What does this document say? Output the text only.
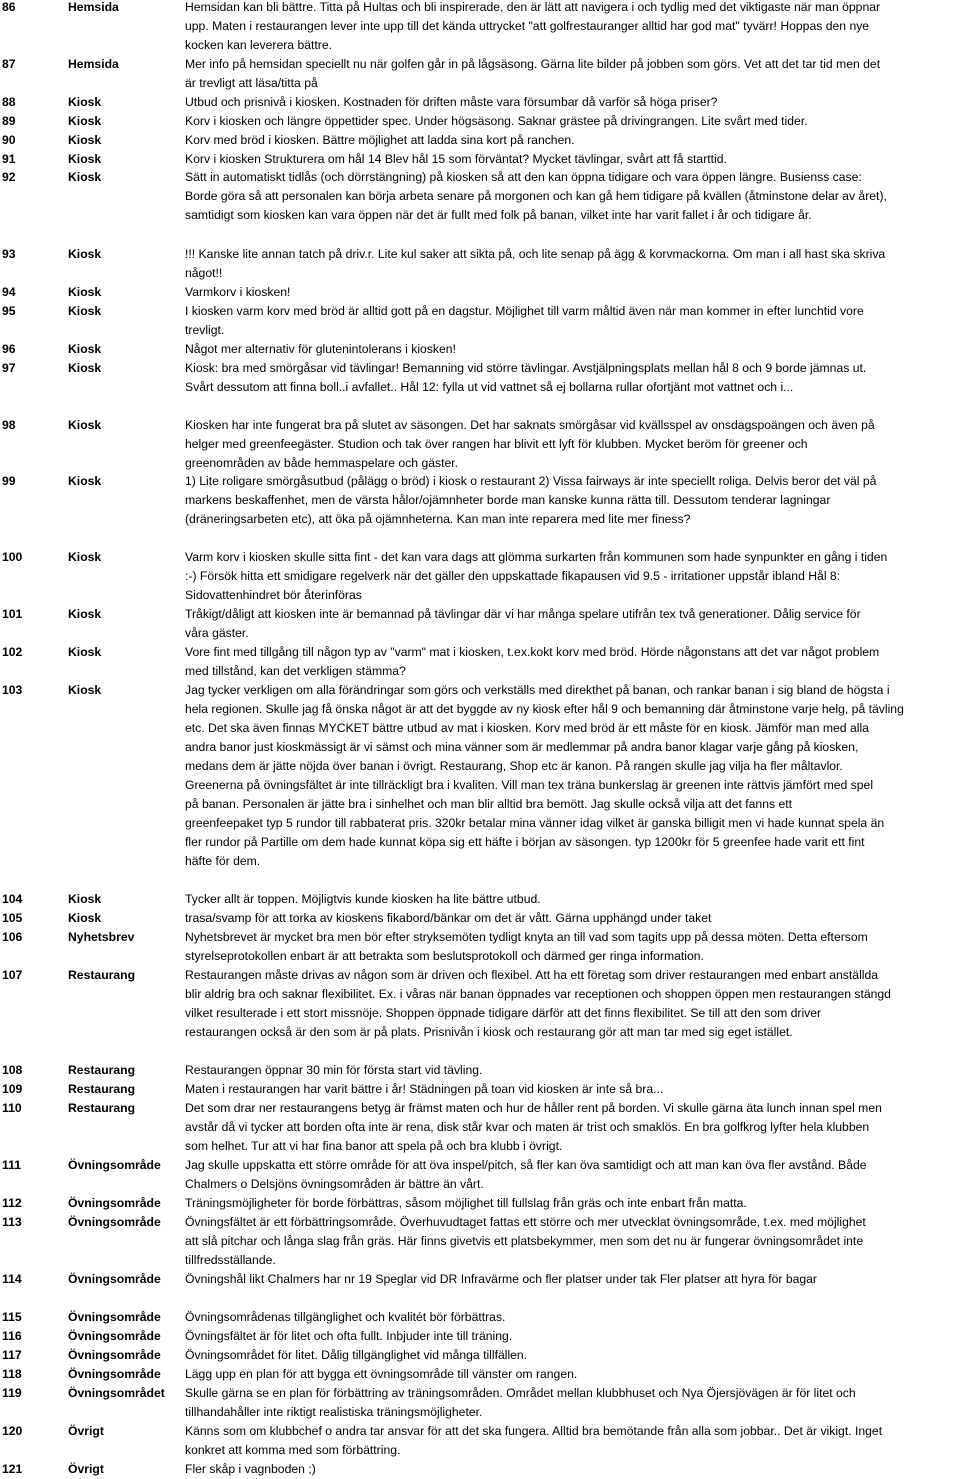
86	Hemsida	Hemsidan kan bli bättre. Titta på Hultas och bli inspirerade, den är lätt att navigera i och tydlig med det viktigaste när man öppnar
upp. Maten i restaurangen lever inte upp till det kända uttrycket "att golfrestauranger alltid har god mat" tyvärr! Hoppas den nye
kocken kan leverera bättre.
87	Hemsida	Mer info på hemsidan speciellt nu när golfen går in på lågsäsong. Gärna lite bilder på jobben som görs. Vet att det tar tid men det
är trevligt att läsa/titta på
88	Kiosk	Utbud och prisnivå i kiosken. Kostnaden för driften måste vara försumbar då varför så höga priser?
89	Kiosk	Korv i kiosken och längre öppettider spec. Under högsäsong. Saknar grästee på drivingrangen. Lite svårt med tider.
90	Kiosk	Korv med bröd i kiosken. Bättre möjlighet att ladda sina kort på ranchen.
91	Kiosk	Korv i kiosken Strukturera om hål 14 Blev hål 15 som förväntat? Mycket tävlingar, svårt att få starttid.
92	Kiosk	Sätt in automatiskt tidlås (och dörrstängning) på kiosken så att den kan öppna tidigare och vara öppen längre. Busienss case:
Borde göra så att personalen kan börja arbeta senare på morgonen och kan gå hem tidigare på kvällen (åtminstone delar av året),
samtidigt som kiosken kan vara öppen när det är fullt med folk på banan, vilket inte har varit fallet i år och tidigare år.
93	Kiosk	!!! Kanske lite annan tatch på driv.r. Lite kul saker att sikta på, och lite senap på ägg & korvmackorna. Om man i all hast ska skriva
något!!
94	Kiosk	Varmkorv i kiosken!
95	Kiosk	I kiosken varm korv med bröd är alltid gott på en dagstur. Möjlighet till varm måltid även när man kommer in efter lunchtid vore
trevligt.
96	Kiosk	Något mer alternativ för glutenintolerans i kiosken!
97	Kiosk	Kiosk: bra med smörgåsar vid tävlingar! Bemanning vid större tävlingar. Avstjälpningsplats mellan hål 8 och 9 borde jämnas ut.
Svårt dessutom att finna boll..i avfallet.. Hål 12: fylla ut vid vattnet så ej bollarna rullar ofortjänt mot vattnet och i...
98	Kiosk	Kiosken har inte fungerat bra på slutet av säsongen. Det har saknats smörgåsar vid kvällsspel av onsdagspoängen och även på
helger med greenfeegäster. Studion och tak över rangen har blivit ett lyft för klubben. Mycket beröm för greener och
greenområden av både hemmaspelare och gäster.
99	Kiosk	1) Lite roligare smörgåsutbud (pålägg o bröd) i kiosk o restaurant 2) Vissa fairways är inte speciellt roliga. Delvis beror det väl på
markens beskaffenhet, men de värsta hålor/ojämnheter borde man kanske kunna rätta till. Dessutom tenderar lagningar
(dräneringsarbeten etc), att öka på ojämnheterna. Kan man inte reparera med lite mer finess?
100	Kiosk	Varm korv i kiosken skulle sitta fint - det kan vara dags att glömma surkarten från kommunen som hade synpunkter en gång i tiden
:-) Försök hitta ett smidigare regelverk när det gäller den uppskattade fikapausen vid 9.5 - irritationer uppstår ibland Hål 8:
Sidovattenhindret bör återinföras
101	Kiosk	Tråkigt/dåligt att kiosken inte är bemannad på tävlingar där vi har många spelare utifrån tex två generationer. Dålig service för
våra gäster.
102	Kiosk	Vore fint med tillgång till någon typ av "varm" mat i kiosken, t.ex.kokt korv med bröd. Hörde någonstans att det var något problem
med tillstånd, kan det verkligen stämma?
103	Kiosk	Jag tycker verkligen om alla förändringar som görs och verkställs med direkthet på banan, och rankar banan i sig bland de högsta i
hela regionen. Skulle jag få önska något är att det byggde av ny kiosk efter hål 9 och bemanning där åtminstone varje helg, på tävling
etc. Det ska även finnas MYCKET bättre utbud av mat i kiosken. Korv med bröd är ett måste för en kiosk. Jämför man med alla
andra banor just kioskmässigt är vi sämst och mina vänner som är medlemmar på andra banor klagar varje gång på kiosken,
medans dem är jätte nöjda över banan i övrigt. Restaurang, Shop etc är kanon. På rangen skulle jag vilja ha fler måltavlor.
Greenerna på övningsfältet är inte tillräckligt bra i kvaliten. Vill man tex träna bunkerslag är greenen inte rättvis jämfört med spel
på banan. Personalen är jätte bra i sinhelhet och man blir alltid bra bemött. Jag skulle också vilja att det fanns ett
greenfeepaket typ 5 rundor till rabbaterat pris. 320kr betalar mina vänner idag vilket är ganska billigit men vi hade kunnat spela än
fler rundor på Partille om dem hade kunnat köpa sig ett häfte i början av säsongen. typ 1200kr för 5 greenfee hade varit ett fint
häfte för dem.
104	Kiosk	Tycker allt är toppen. Möjligtvis kunde kiosken ha lite bättre utbud.
105	Kiosk	trasa/svamp för att torka av kioskens fikabord/bänkar om det är vått. Gärna upphängd under taket
106	Nyhetsbrev	Nyhetsbrevet är mycket bra men bör efter stryksemöten tydligt knyta an till vad som tagits upp på dessa möten. Detta eftersom
styrelseprotokollen enbart är att betrakta som beslutsprotokoll och därmed ger ringa information.
107	Restaurang	Restaurangen måste drivas av någon som är driven och flexibel. Att ha ett företag som driver restaurangen med enbart anställda
blir aldrig bra och saknar flexibilitet. Ex. i våras när banan öppnades var receptionen och shoppen öppen men restaurangen stängd
vilket resulterade i ett stort missnöje. Shoppen öppnade tidigare därför att det finns flexibilitet. Se till att den som driver
restaurangen också är den som är på plats. Prisnivån i kiosk och restaurang gör att man tar med sig eget istället.
108	Restaurang	Restaurangen öppnar 30 min för första start vid tävling.
109	Restaurang	Maten i restaurangen har varit bättre i år! Städningen på toan vid kiosken är inte så bra...
110	Restaurang	Det som drar ner restaurangens betyg är främst maten och hur de håller rent på borden. Vi skulle gärna äta lunch innan spel men
avstår då vi tycker att borden ofta inte är rena, disk står kvar och maten är trist och smaklös. En bra golfkrog lyfter hela klubben
som helhet. Tur att vi har fina banor att spela på och bra klubb i övrigt.
111	Övningsområde Jag skulle uppskatta ett större område för att öva inspel/pitch, så fler kan öva samtidigt och att man kan öva fler avstånd. Både
Chalmers o Delsjöns övningsområden är bättre än vårt.
112	Övningsområde Träningsmöjligheter för borde förbättras, såsom möjlighet till fullslag från gräs och inte enbart från matta.
113	Övningsområde Övningsfältet är ett förbättringsområde. Överhuvudtaget fattas ett större och mer utvecklat övningsområde, t.ex. med möjlighet
att slå pitchar och långa slag från gräs. Här finns givetvis ett platsbekymmer, men som det nu är fungerar övningsområdet inte
tillfredsställande.
114	Övningsområde Övningshål likt Chalmers har nr 19 Speglar vid DR Infravärme och fler platser under tak Fler platser att hyra för bagar
115	Övningsområde Övningsområdenas tillgänglighet och kvalitét bör förbättras.
116	Övningsområde Övningsfältet är för litet och ofta fullt. Inbjuder inte till träning.
117	Övningsområde Övningsområdet för litet. Dålig tillgänglighet vid många tillfällen.
118	Övningsområde Lägg upp en plan för att bygga ett övningsområde till vänster om rangen.
119	Övningsområdet Skulle gärna se en plan för förbättring av träningsområden. Området mellan klubbhuset och Nya Öjersjövägen är för litet och
tillhandahåller inte riktigt realistiska träningsmöjligheter.
120	Övrigt	Känns som om klubbchef o andra tar ansvar för att det ska fungera. Alltid bra bemötande från alla som jobbar.. Det är vikigt. Inget
konkret att komma med som förbättring.
121	Övrigt	Fler skåp i vagnboden ;)
